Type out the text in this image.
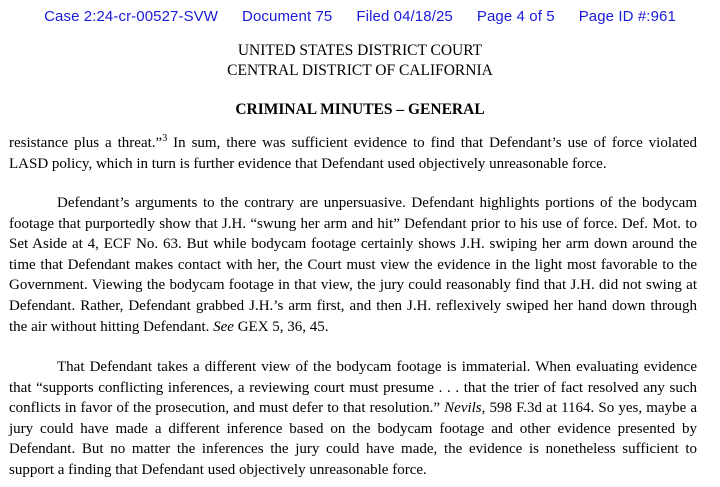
Case 2:24-cr-00527-SVW Document 75 Filed 04/18/25 Page 4 of 5 Page ID #:961
UNITED STATES DISTRICT COURT
CENTRAL DISTRICT OF CALIFORNIA
CRIMINAL MINUTES – GENERAL

resistance plus a threat.”$^3$ In sum, there was sufficient evidence to find that Defendant’s use of force violated LASD policy, which in turn is further evidence that Defendant used objectively unreasonable force.

Defendant’s arguments to the contrary are unpersuasive. Defendant highlights portions of the bodycam footage that purportedly show that J.H. “swung her arm and hit” Defendant prior to his use of force. Def. Mot. to Set Aside at 4, ECF No. 63. But while bodycam footage certainly shows J.H. swiping her arm down around the time that Defendant makes contact with her, the Court must view the evidence in the light most favorable to the Government. Viewing the bodycam footage in that view, the jury could reasonably find that J.H. did not swing at Defendant. Rather, Defendant grabbed J.H.’s arm first, and then J.H. reflexively swiped her hand down through the air without hitting Defendant. See GEX 5, 36, 45.

That Defendant takes a different view of the bodycam footage is immaterial. When evaluating evidence that “supports conflicting inferences, a reviewing court must presume . . . that the trier of fact resolved any such conflicts in favor of the prosecution, and must defer to that resolution.” Nevils, 598 F.3d at 1164. So yes, maybe a jury could have made a different inference based on the bodycam footage and other evidence presented by Defendant. But no matter the inferences the jury could have made, the evidence is nonetheless sufficient to support a finding that Defendant used objectively unreasonable force.
